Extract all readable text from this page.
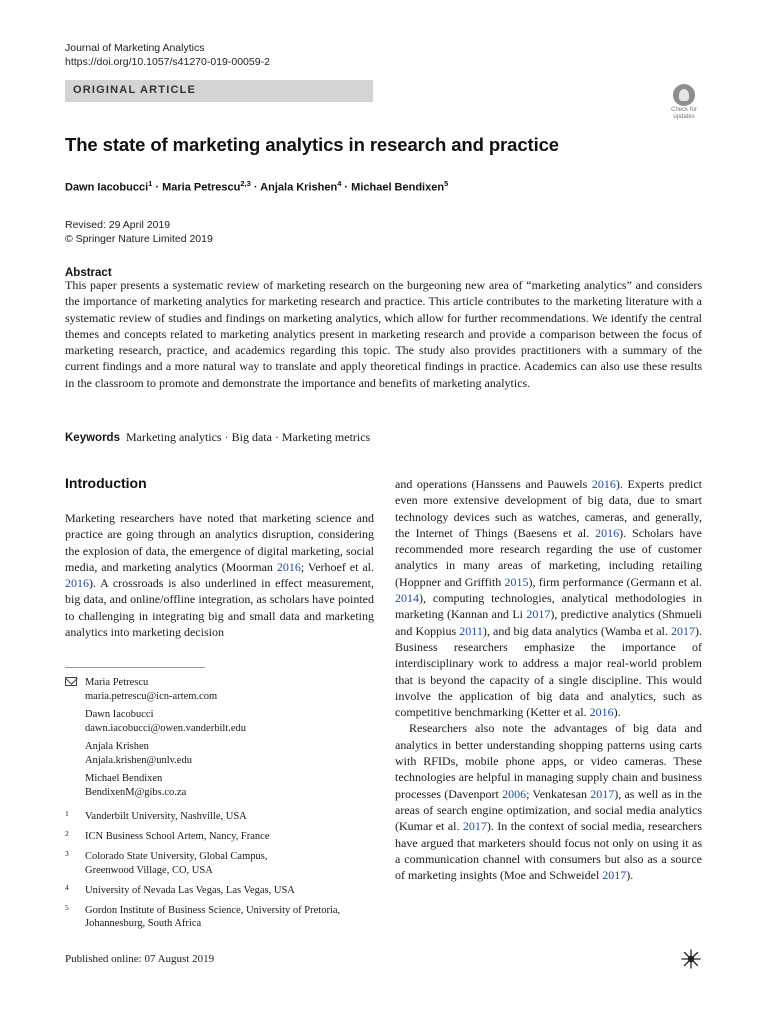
Journal of Marketing Analytics
https://doi.org/10.1057/s41270-019-00059-2
ORIGINAL ARTICLE
Check for
updates
The state of marketing analytics in research and practice
Dawn Iacobucci$^1$ · Maria Petrescu$^{2,3}$ · Anjala Krishen$^4$ · Michael Bendixen$^5$
Revised: 29 April 2019
© Springer Nature Limited 2019
Abstract
This paper presents a systematic review of marketing research on the burgeoning new area of “marketing analytics” and considers the importance of marketing analytics for marketing research and practice. This article contributes to the marketing literature with a systematic review of studies and findings on marketing analytics, which allow for further recommendations. We identify the central themes and concepts related to marketing analytics present in marketing research and provide a comparison between the focus of marketing research, practice, and academics regarding this topic. The study also provides practitioners with a summary of the current findings and a more natural way to translate and apply theoretical findings in practice. Academics can also use these results in the classroom to promote and demonstrate the importance and benefits of marketing analytics.
Keywords Marketing analytics · Big data · Marketing metrics
Introduction

Marketing researchers have noted that marketing science and practice are going through an analytics disruption, considering the explosion of data, the emergence of digital marketing, social media, and marketing analytics (Moorman 2016; Verhoef et al. 2016). A crossroads is also underlined in effect measurement, big data, and online/offline integration, as scholars have pointed to challenging in integrating big and small data and marketing analytics into marketing decision

and operations (Hanssens and Pauwels 2016). Experts predict even more extensive development of big data, due to smart technology devices such as watches, cameras, and generally, the Internet of Things (Baesens et al. 2016). Scholars have recommended more research regarding the use of customer analytics in many areas of marketing, including retailing (Hoppner and Griffith 2015), firm performance (Germann et al. 2014), computing technologies, analytical methodologies in marketing (Kannan and Li 2017), predictive analytics (Shmueli and Koppius 2011), and big data analytics (Wamba et al. 2017). Business researchers emphasize the importance of interdisciplinary work to address a major real-world problem that is beyond the capacity of a single discipline. This would involve the application of big data and analytics, such as competitive benchmarking (Ketter et al. 2016).

Researchers also note the advantages of big data and analytics in better understanding shopping patterns using carts with RFIDs, mobile phone apps, or video cameras. These technologies are helpful in managing supply chain and business processes (Davenport 2006; Venkatesan 2017), as well as in the areas of search engine optimization, and social media analytics (Kumar et al. 2017). In the context of social media, researchers have argued that marketers should focus not only on using it as a communication channel with consumers but also as a source of marketing insights (Moe and Schweidel 2017).

Maria Petrescu
maria.petrescu@icn-artem.com
Dawn Iacobucci
dawn.iacobucci@owen.vanderbilt.edu
Anjala Krishen
Anjala.krishen@unlv.edu
Michael Bendixen
BendixenM@gibs.co.za
1 Vanderbilt University, Nashville, USA
2 ICN Business School Artem, Nancy, France
3 Colorado State University, Global Campus,
Greenwood Village, CO, USA
4 University of Nevada Las Vegas, Las Vegas, USA
5 Gordon Institute of Business Science, University of Pretoria,
Johannesburg, South Africa
Published online: 07 August 2019
